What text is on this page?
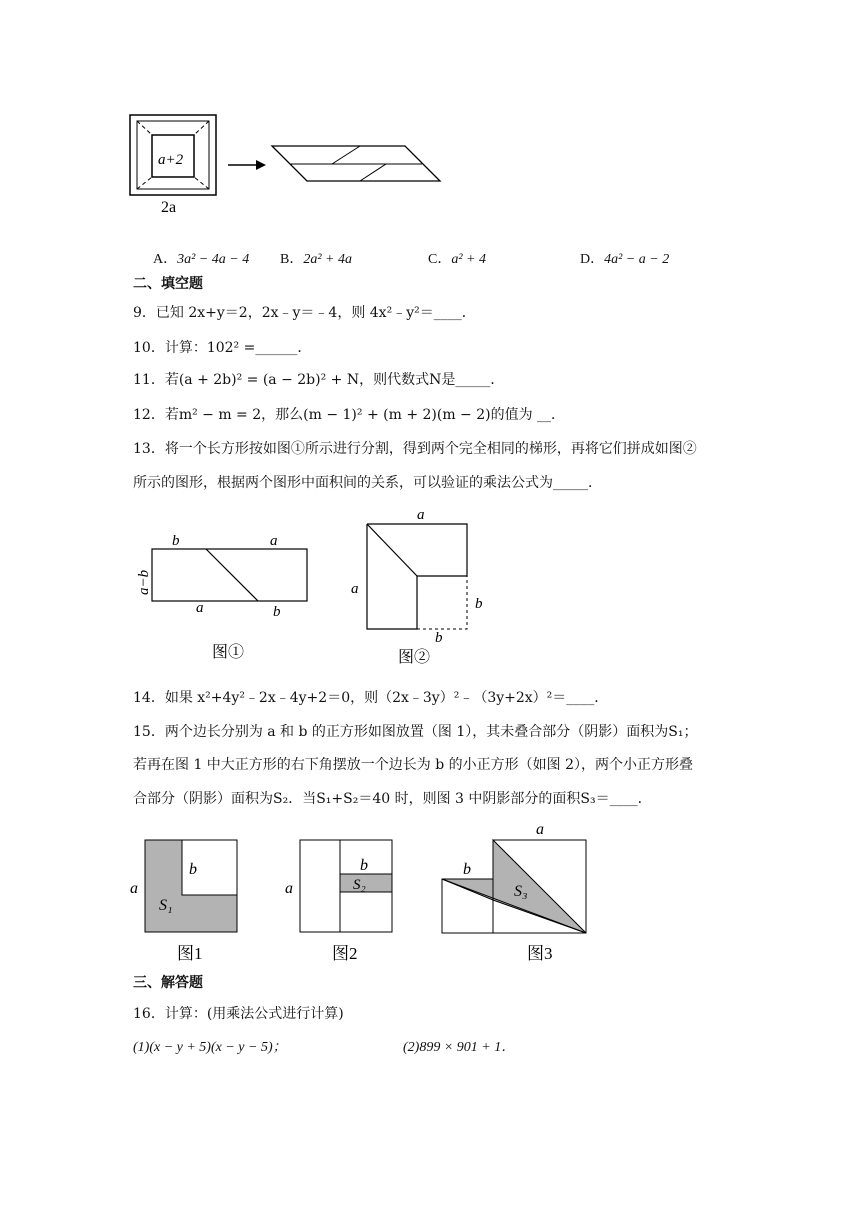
a+2
2a
A．3a² − 4a − 4 B．2a² + 4a	C．a² + 4	D．4a² − a − 2
二、填空题
9．已知 2x+y＝2，2x﹣y＝﹣4，则 4x²﹣y²＝____．
10．计算：102² =______．
11．若(a + 2b)² = (a − 2b)² + N，则代数式N是_____．
12．若m² − m = 2，那么(m − 1)² + (m + 2)(m − 2)的值为 __．
13．将一个长方形按如图①所示进行分割，得到两个完全相同的梯形，再将它们拼成如图②
所示的图形，根据两个图形中面积间的关系，可以验证的乘法公式为_____．
b	a
a	b
a−b
图①
a
a
b
b
图②
14．如果 x²+4y²﹣2x﹣4y+2＝0，则（2x﹣3y）²﹣（3y+2x）²＝____．
15．两个边长分别为 a 和 b 的正方形如图放置（图 1），其未叠合部分（阴影）面积为S₁；
若再在图 1 中大正方形的右下角摆放一个边长为 b 的小正方形（如图 2），两个小正方形叠
合部分（阴影）面积为S₂．当S₁+S₂＝40 时，则图 3 中阴影部分的面积S₃＝____．
b
a
S₁
图1
b
a	S₂
图2
a
b
S₃
图3
三、解答题
16．计算：(用乘法公式进行计算)
(1)(x − y + 5)(x − y − 5)；	(2)899 × 901 + 1．
